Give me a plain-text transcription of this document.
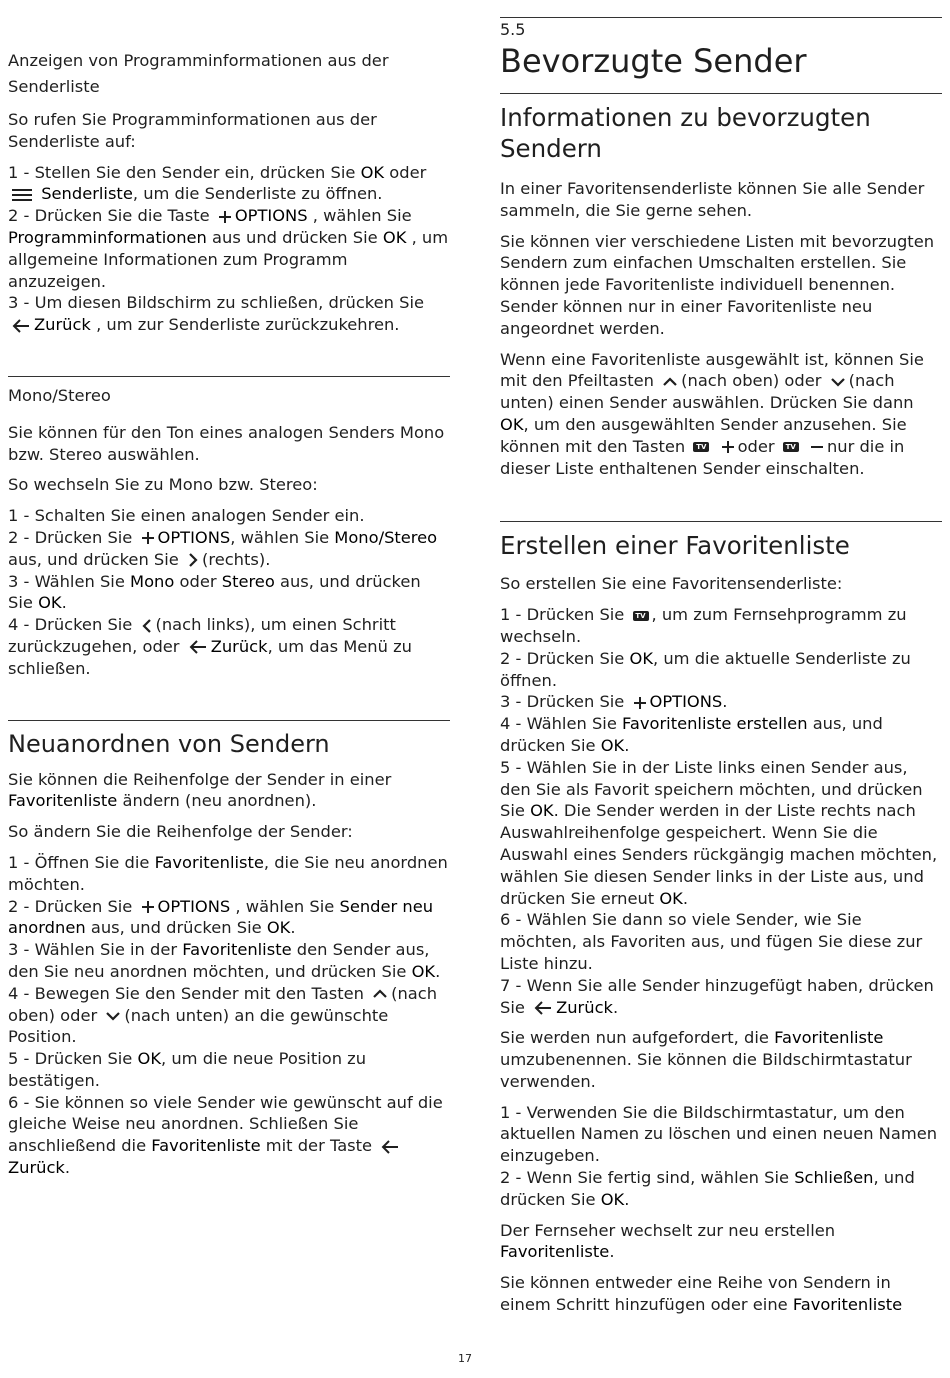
Anzeigen von Programminformationen aus der Senderliste

So rufen Sie Programminformationen aus der Senderliste auf:

1 - Stellen Sie den Sender ein, drücken Sie OK oder
Senderliste, um die Senderliste zu öffnen.

2 - Drücken Sie die Taste OPTIONS , wählen Sie Programminformationen aus und drücken Sie OK , um allgemeine Informationen zum Programm anzuzeigen.

3 - Um diesen Bildschirm zu schließen, drücken Sie Zurück , um zur Senderliste zurückzukehren.

Mono/Stereo

Sie können für den Ton eines analogen Senders Mono bzw. Stereo auswählen.

So wechseln Sie zu Mono bzw. Stereo:

1 - Schalten Sie einen analogen Sender ein.

2 - Drücken Sie OPTIONS, wählen Sie Mono/Stereo aus, und drücken Sie (rechts).

3 - Wählen Sie Mono oder Stereo aus, und drücken Sie OK.

4 - Drücken Sie (nach links), um einen Schritt zurückzugehen, oder Zurück, um das Menü zu schließen.

Neuanordnen von Sendern

Sie können die Reihenfolge der Sender in einer Favoritenliste ändern (neu anordnen).

So ändern Sie die Reihenfolge der Sender:

1 - Öffnen Sie die Favoritenliste, die Sie neu anordnen möchten.

2 - Drücken Sie OPTIONS , wählen Sie Sender neu anordnen aus, und drücken Sie OK.

3 - Wählen Sie in der Favoritenliste den Sender aus, den Sie neu anordnen möchten, und drücken Sie OK.

4 - Bewegen Sie den Sender mit den Tasten (nach oben) oder (nach unten) an die gewünschte Position.

5 - Drücken Sie OK, um die neue Position zu bestätigen.

6 - Sie können so viele Sender wie gewünscht auf die gleiche Weise neu anordnen. Schließen Sie anschließend die Favoritenliste mit der Taste Zurück.

5.5
Bevorzugte Sender
Informationen zu bevorzugten Sendern

In einer Favoritensenderliste können Sie alle Sender sammeln, die Sie gerne sehen.

Sie können vier verschiedene Listen mit bevorzugten Sendern zum einfachen Umschalten erstellen. Sie können jede Favoritenliste individuell benennen. Sender können nur in einer Favoritenliste neu angeordnet werden.

Wenn eine Favoritenliste ausgewählt ist, können Sie mit den Pfeiltasten (nach oben) oder (nach unten) einen Sender auswählen. Drücken Sie dann OK, um den ausgewählten Sender anzusehen. Sie können mit den Tasten TV oder TV nur die in dieser Liste enthaltenen Sender einschalten.

Erstellen einer Favoritenliste

So erstellen Sie eine Favoritensenderliste:

1 - Drücken Sie TV , um zum Fernsehprogramm zu wechseln.

2 - Drücken Sie OK, um die aktuelle Senderliste zu öffnen.

3 - Drücken Sie OPTIONS.

4 - Wählen Sie Favoritenliste erstellen aus, und drücken Sie OK.

5 - Wählen Sie in der Liste links einen Sender aus, den Sie als Favorit speichern möchten, und drücken Sie OK. Die Sender werden in der Liste rechts nach Auswahlreihenfolge gespeichert. Wenn Sie die Auswahl eines Senders rückgängig machen möchten, wählen Sie diesen Sender links in der Liste aus, und drücken Sie erneut OK.

6 - Wählen Sie dann so viele Sender, wie Sie möchten, als Favoriten aus, und fügen Sie diese zur Liste hinzu.

7 - Wenn Sie alle Sender hinzugefügt haben, drücken Sie Zurück.

Sie werden nun aufgefordert, die Favoritenliste umzubenennen. Sie können die Bildschirmtastatur verwenden.

1 - Verwenden Sie die Bildschirmtastatur, um den aktuellen Namen zu löschen und einen neuen Namen einzugeben.

2 - Wenn Sie fertig sind, wählen Sie Schließen, und drücken Sie OK.

Der Fernseher wechselt zur neu erstellen Favoritenliste.

Sie können entweder eine Reihe von Sendern in einem Schritt hinzufügen oder eine Favoritenliste

17
